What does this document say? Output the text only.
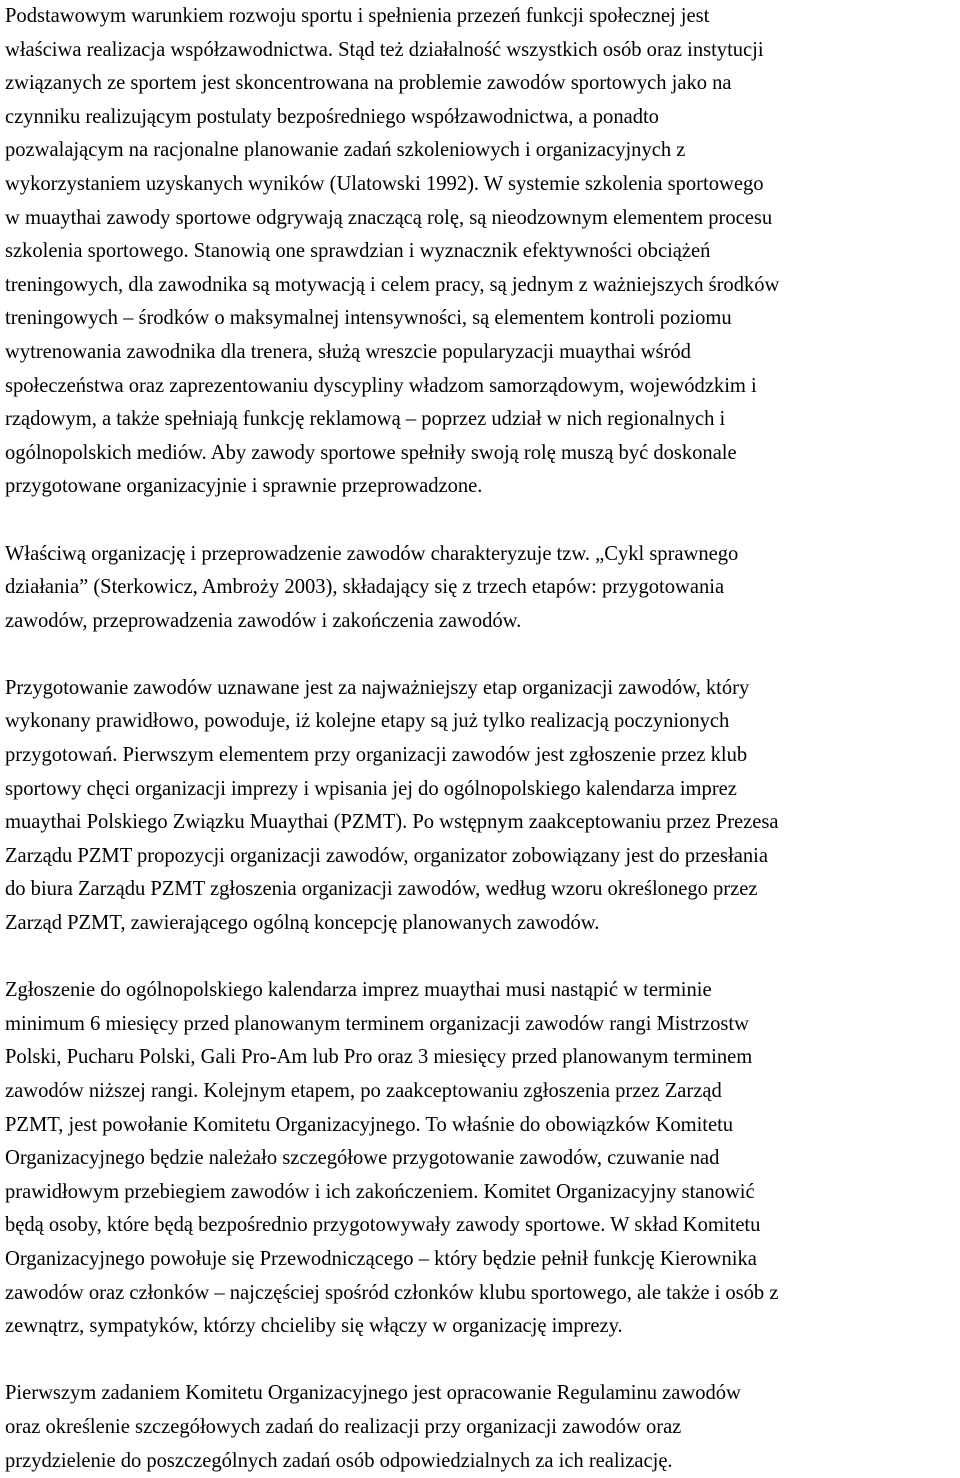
Podstawowym warunkiem rozwoju sportu i spełnienia przezeń funkcji społecznej jest
właściwa realizacja współzawodnictwa. Stąd też działalność wszystkich osób oraz instytucji
związanych ze sportem jest skoncentrowana na problemie zawodów sportowych jako na
czynniku realizującym postulaty bezpośredniego współzawodnictwa, a ponadto
pozwalającym na racjonalne planowanie zadań szkoleniowych i organizacyjnych z
wykorzystaniem uzyskanych wyników (Ulatowski 1992). W systemie szkolenia sportowego
w muaythai zawody sportowe odgrywają znaczącą rolę, są nieodzownym elementem procesu
szkolenia sportowego. Stanowią one sprawdzian i wyznacznik efektywności obciążeń
treningowych, dla zawodnika są motywacją i celem pracy, są jednym z ważniejszych środków
treningowych – środków o maksymalnej intensywności, są elementem kontroli poziomu
wytrenowania zawodnika dla trenera, służą wreszcie popularyzacji muaythai wśród
społeczeństwa oraz zaprezentowaniu dyscypliny władzom samorządowym, wojewódzkim i
rządowym, a także spełniają funkcję reklamową – poprzez udział w nich regionalnych i
ogólnopolskich mediów. Aby zawody sportowe spełniły swoją rolę muszą być doskonale
przygotowane organizacyjnie i sprawnie przeprowadzone.
Właściwą organizację i przeprowadzenie zawodów charakteryzuje tzw. „Cykl sprawnego
działania” (Sterkowicz, Ambroży 2003), składający się z trzech etapów: przygotowania
zawodów, przeprowadzenia zawodów i zakończenia zawodów.
Przygotowanie zawodów uznawane jest za najważniejszy etap organizacji zawodów, który
wykonany prawidłowo, powoduje, iż kolejne etapy są już tylko realizacją poczynionych
przygotowań. Pierwszym elementem przy organizacji zawodów jest zgłoszenie przez klub
sportowy chęci organizacji imprezy i wpisania jej do ogólnopolskiego kalendarza imprez
muaythai Polskiego Związku Muaythai (PZMT). Po wstępnym zaakceptowaniu przez Prezesa
Zarządu PZMT propozycji organizacji zawodów, organizator zobowiązany jest do przesłania
do biura Zarządu PZMT zgłoszenia organizacji zawodów, według wzoru określonego przez
Zarząd PZMT, zawierającego ogólną koncepcję planowanych zawodów.
Zgłoszenie do ogólnopolskiego kalendarza imprez muaythai musi nastąpić w terminie
minimum 6 miesięcy przed planowanym terminem organizacji zawodów rangi Mistrzostw
Polski, Pucharu Polski, Gali Pro-Am lub Pro oraz 3 miesięcy przed planowanym terminem
zawodów niższej rangi. Kolejnym etapem, po zaakceptowaniu zgłoszenia przez Zarząd
PZMT, jest powołanie Komitetu Organizacyjnego. To właśnie do obowiązków Komitetu
Organizacyjnego będzie należało szczegółowe przygotowanie zawodów, czuwanie nad
prawidłowym przebiegiem zawodów i ich zakończeniem. Komitet Organizacyjny stanowić
będą osoby, które będą bezpośrednio przygotowywały zawody sportowe. W skład Komitetu
Organizacyjnego powołuje się Przewodniczącego – który będzie pełnił funkcję Kierownika
zawodów oraz członków – najczęściej spośród członków klubu sportowego, ale także i osób z
zewnątrz, sympatyków, którzy chcieliby się włączy w organizację imprezy.
Pierwszym zadaniem Komitetu Organizacyjnego jest opracowanie Regulaminu zawodów
oraz określenie szczegółowych zadań do realizacji przy organizacji zawodów oraz
przydzielenie do poszczególnych zadań osób odpowiedzialnych za ich realizację.
